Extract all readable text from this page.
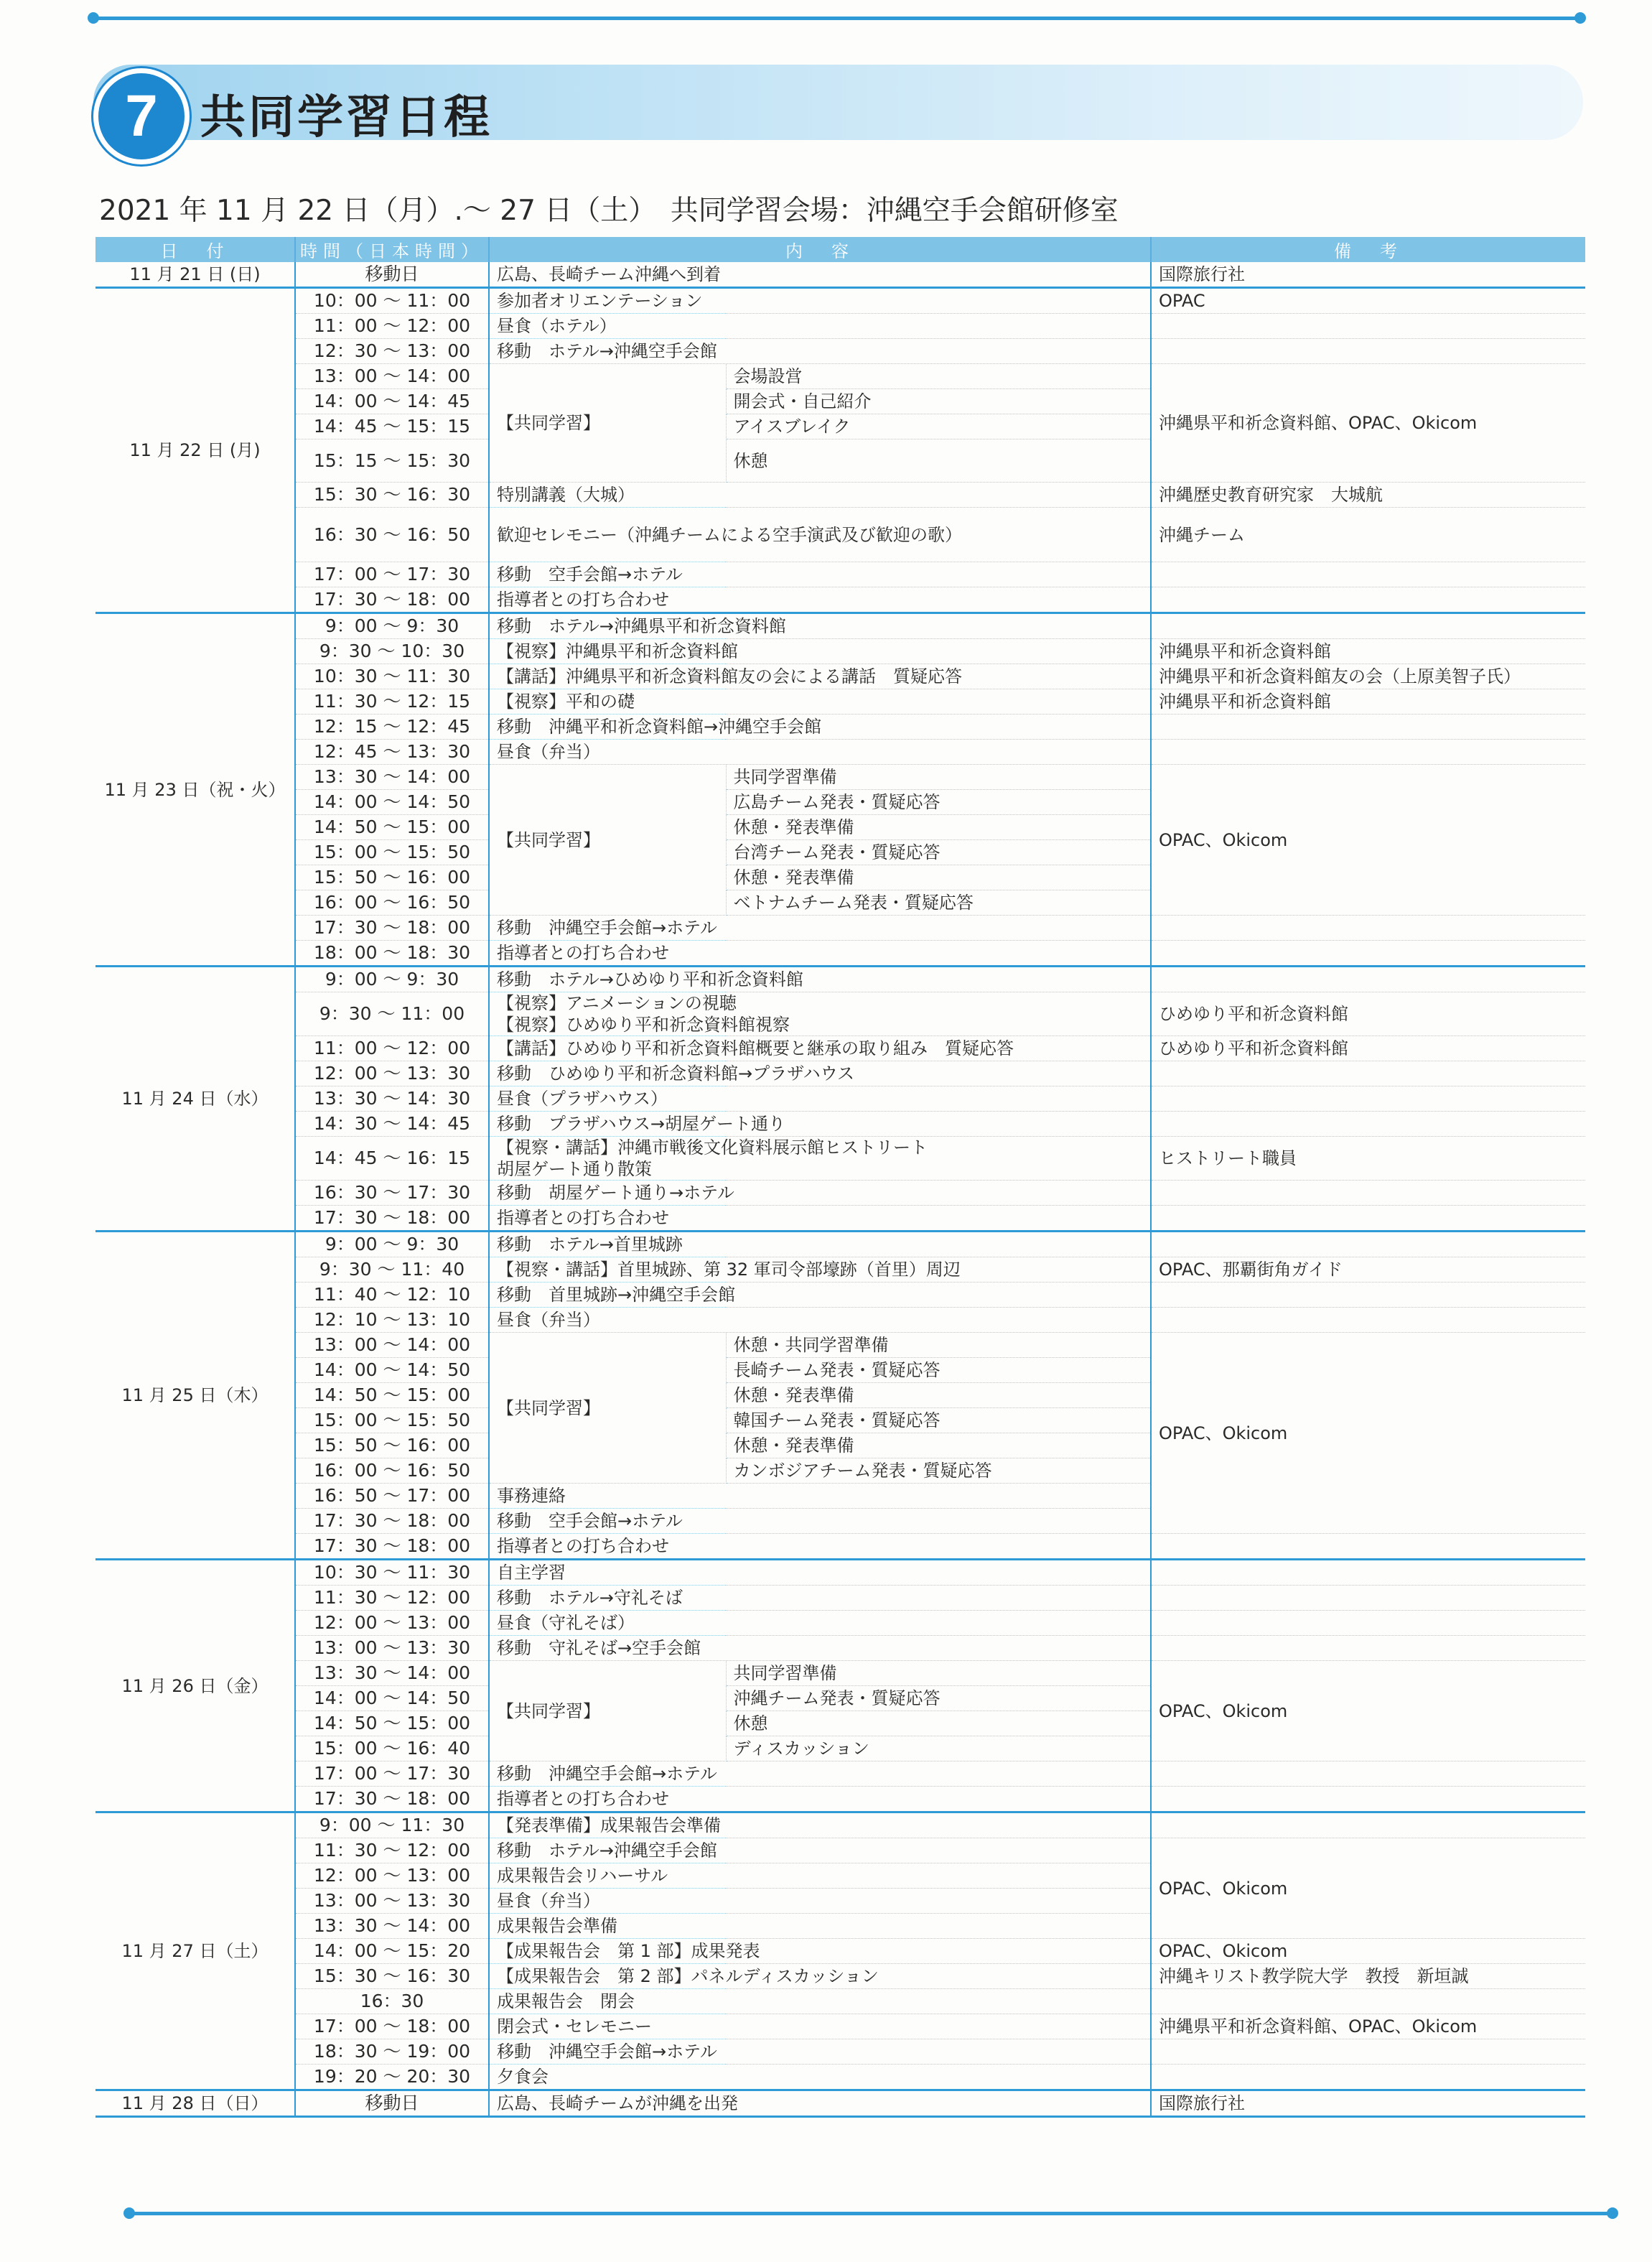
7 共同学習日程
2021 年 11 月 22 日（月）.～ 27 日（土）　共同学習会場：沖縄空手会館研修室
日　付	時間（日本時間）	内　容		備　考
11 月 21 日 (日)	移動日	広島、長崎チーム沖縄へ到着		国際旅行社
11 月 22 日 (月)	10：00 ～ 11：00	参加者オリエンテーション		OPAC
	11：00 ～ 12：00	昼食（ホテル）		
	12：30 ～ 13：00	移動　ホテル→沖縄空手会館		
	13：00 ～ 14：00	【共同学習】	会場設営	沖縄県平和祈念資料館、OPAC、Okicom
	14：00 ～ 14：45		開会式・自己紹介	
	14：45 ～ 15：15		アイスブレイク	
	15：15 ～ 15：30		休憩	
	15：30 ～ 16：30	特別講義（大城）		沖縄歴史教育研究家　大城航
	16：30 ～ 16：50	歓迎セレモニー（沖縄チームによる空手演武及び歓迎の歌）		沖縄チーム
	17：00 ～ 17：30	移動　空手会館→ホテル		
	17：30 ～ 18：00	指導者との打ち合わせ		
11 月 23 日（祝・火）	9：00 ～ 9：30	移動　ホテル→沖縄県平和祈念資料館		
	9：30 ～ 10：30	【視察】沖縄県平和祈念資料館		沖縄県平和祈念資料館
	10：30 ～ 11：30	【講話】沖縄県平和祈念資料館友の会による講話　質疑応答		沖縄県平和祈念資料館友の会（上原美智子氏）
	11：30 ～ 12：15	【視察】平和の礎		沖縄県平和祈念資料館
	12：15 ～ 12：45	移動　沖縄平和祈念資料館→沖縄空手会館		
	12：45 ～ 13：30	昼食（弁当）		
	13：30 ～ 14：00	【共同学習】	共同学習準備	OPAC、Okicom
	14：00 ～ 14：50		広島チーム発表・質疑応答	
	14：50 ～ 15：00		休憩・発表準備	
	15：00 ～ 15：50		台湾チーム発表・質疑応答	
	15：50 ～ 16：00		休憩・発表準備	
	16：00 ～ 16：50		ベトナムチーム発表・質疑応答	
	17：30 ～ 18：00	移動　沖縄空手会館→ホテル		
	18：00 ～ 18：30	指導者との打ち合わせ		
11 月 24 日（水）	9：00 ～ 9：30	移動　ホテル→ひめゆり平和祈念資料館		
	9：30 ～ 11：00	【視察】アニメーションの視聴
【視察】ひめゆり平和祈念資料館視察		ひめゆり平和祈念資料館
	11：00 ～ 12：00	【講話】ひめゆり平和祈念資料館概要と継承の取り組み　質疑応答		ひめゆり平和祈念資料館
	12：00 ～ 13：30	移動　ひめゆり平和祈念資料館→プラザハウス		
	13：30 ～ 14：30	昼食（プラザハウス）		
	14：30 ～ 14：45	移動　プラザハウス→胡屋ゲート通り		
	14：45 ～ 16：15	【視察・講話】沖縄市戦後文化資料展示館ヒストリート
胡屋ゲート通り散策		ヒストリート職員
	16：30 ～ 17：30	移動　胡屋ゲート通り→ホテル		
	17：30 ～ 18：00	指導者との打ち合わせ		
11 月 25 日（木）	9：00 ～ 9：30	移動　ホテル→首里城跡		
	9：30 ～ 11：40	【視察・講話】首里城跡、第 32 軍司令部壕跡（首里）周辺		OPAC、那覇街角ガイド
	11：40 ～ 12：10	移動　首里城跡→沖縄空手会館		
	12：10 ～ 13：10	昼食（弁当）		
	13：00 ～ 14：00	【共同学習】	休憩・共同学習準備	OPAC、Okicom
	14：00 ～ 14：50		長崎チーム発表・質疑応答	
	14：50 ～ 15：00		休憩・発表準備	
	15：00 ～ 15：50		韓国チーム発表・質疑応答	
	15：50 ～ 16：00		休憩・発表準備	
	16：00 ～ 16：50		カンボジアチーム発表・質疑応答	
	16：50 ～ 17：00	事務連絡		
	17：30 ～ 18：00	移動　空手会館→ホテル		
	17：30 ～ 18：00	指導者との打ち合わせ		
11 月 26 日（金）	10：30 ～ 11：30	自主学習		
	11：30 ～ 12：00	移動　ホテル→守礼そば		
	12：00 ～ 13：00	昼食（守礼そば）		
	13：00 ～ 13：30	移動　守礼そば→空手会館		
	13：30 ～ 14：00	【共同学習】	共同学習準備	OPAC、Okicom
	14：00 ～ 14：50		沖縄チーム発表・質疑応答	
	14：50 ～ 15：00		休憩	
	15：00 ～ 16：40		ディスカッション	
	17：00 ～ 17：30	移動　沖縄空手会館→ホテル		
	17：30 ～ 18：00	指導者との打ち合わせ		
11 月 27 日（土）	9：00 ～ 11：30	【発表準備】成果報告会準備		
	11：30 ～ 12：00	移動　ホテル→沖縄空手会館		OPAC、Okicom
	12：00 ～ 13：00	成果報告会リハーサル		
	13：00 ～ 13：30	昼食（弁当）		
	13：30 ～ 14：00	成果報告会準備		
	14：00 ～ 15：20	【成果報告会　第 1 部】成果発表		OPAC、Okicom
	15：30 ～ 16：30	【成果報告会　第 2 部】パネルディスカッション		沖縄キリスト教学院大学　教授　新垣誠
	16：30	成果報告会　閉会		
	17：00 ～ 18：00	閉会式・セレモニー		沖縄県平和祈念資料館、OPAC、Okicom
	18：30 ～ 19：00	移動　沖縄空手会館→ホテル		
	19：20 ～ 20：30	夕食会		
11 月 28 日（日）	移動日	広島、長崎チームが沖縄を出発		国際旅行社
